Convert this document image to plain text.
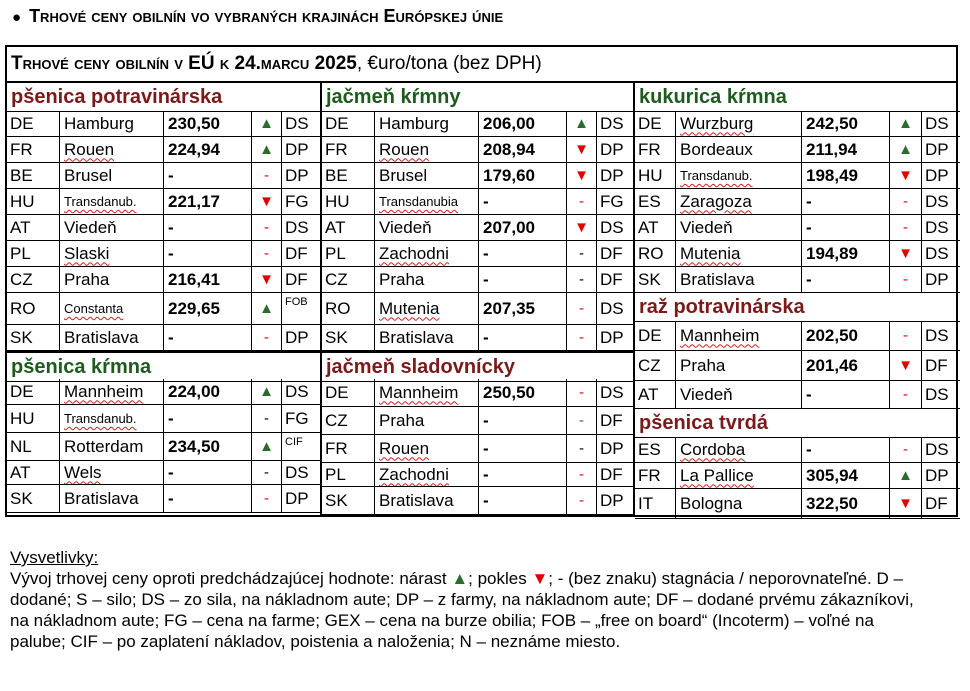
● Trhové ceny obilnín vo vybraných krajinách Európskej únie
Trhové ceny obilnín v EÚ k 24.marcu 2025, €uro/tona (bez DPH)
pšenica potravinárska
pšenica kŕmna
DE	Hamburg	230,50	▲ DS
FR	Rouen	224,94	▲ DP
BE	Brusel	-	- DP
HU	Transdanub.	221,17	▼ FG
AT	Viedeň	-	- DS
PL	Slaski	-	- DF
CZ	Praha	216,41	▼ DF
RO	Constanta	229,65	▲	FOB
SK	Bratislava	-	- DP
DE	Mannheim	224,00	▲ DS
HU	Transdanub.	-	- FG
NL	Rotterdam	234,50	▲	CIF
AT	Wels	-	- DS
SK	Bratislava	-	- DP
jačmeň kŕmny
jačmeň sladovnícky
DE	Hamburg	206,00	▲ DS
FR	Rouen	208,94	▼ DP
BE	Brusel	179,60	▼ DP
HU	Transdanubia	-	- FG
AT	Viedeň	207,00	▼ DS
PL	Zachodni	-	- DF
CZ	Praha	-	- DF
RO	Mutenia	207,35	- DS
SK	Bratislava	-	- DP
DE	Mannheim	250,50	- DS
CZ	Praha	-	- DF
FR	Rouen	-	- DP
PL	Zachodni	-	- DF
SK	Bratislava	-	- DP
kukurica kŕmna
raž potravinárska
pšenica tvrdá
DE	Wurzburg	242,50	▲ DS
FR	Bordeaux	211,94	▲ DP
HU	Transdanub.	198,49	▼ DP
ES	Zaragoza	-	-	DS
AT	Viedeň	-	-	DS
RO Mutenia	194,89	▼ DS
SK	Bratislava	-	-	DP
DE	Mannheim	202,50	-	DS
CZ	Praha	201,46	▼ DF
AT	Viedeň	-	-	DS
ES	Cordoba	-	-	DS
FR	La Pallice	305,94	▲ DP
IT	Bologna	322,50	▼ DF
Vysvetlivky:
Vývoj trhovej ceny oproti predchádzajúcej hodnote: nárast ▲; pokles ▼; - (bez znaku) stagnácia / neporovnateľné. D – dodané; S – silo; DS – zo sila, na nákladnom aute; DP – z farmy, na nákladnom aute; DF – dodané prvému zákazníkovi, na nákladnom aute; FG – cena na farme; GEX – cena na burze obilia; FOB – „free on board“ (Incoterm) – voľné na palube; CIF – po zaplatení nákladov, poistenia a naloženia; N – neznáme miesto.
